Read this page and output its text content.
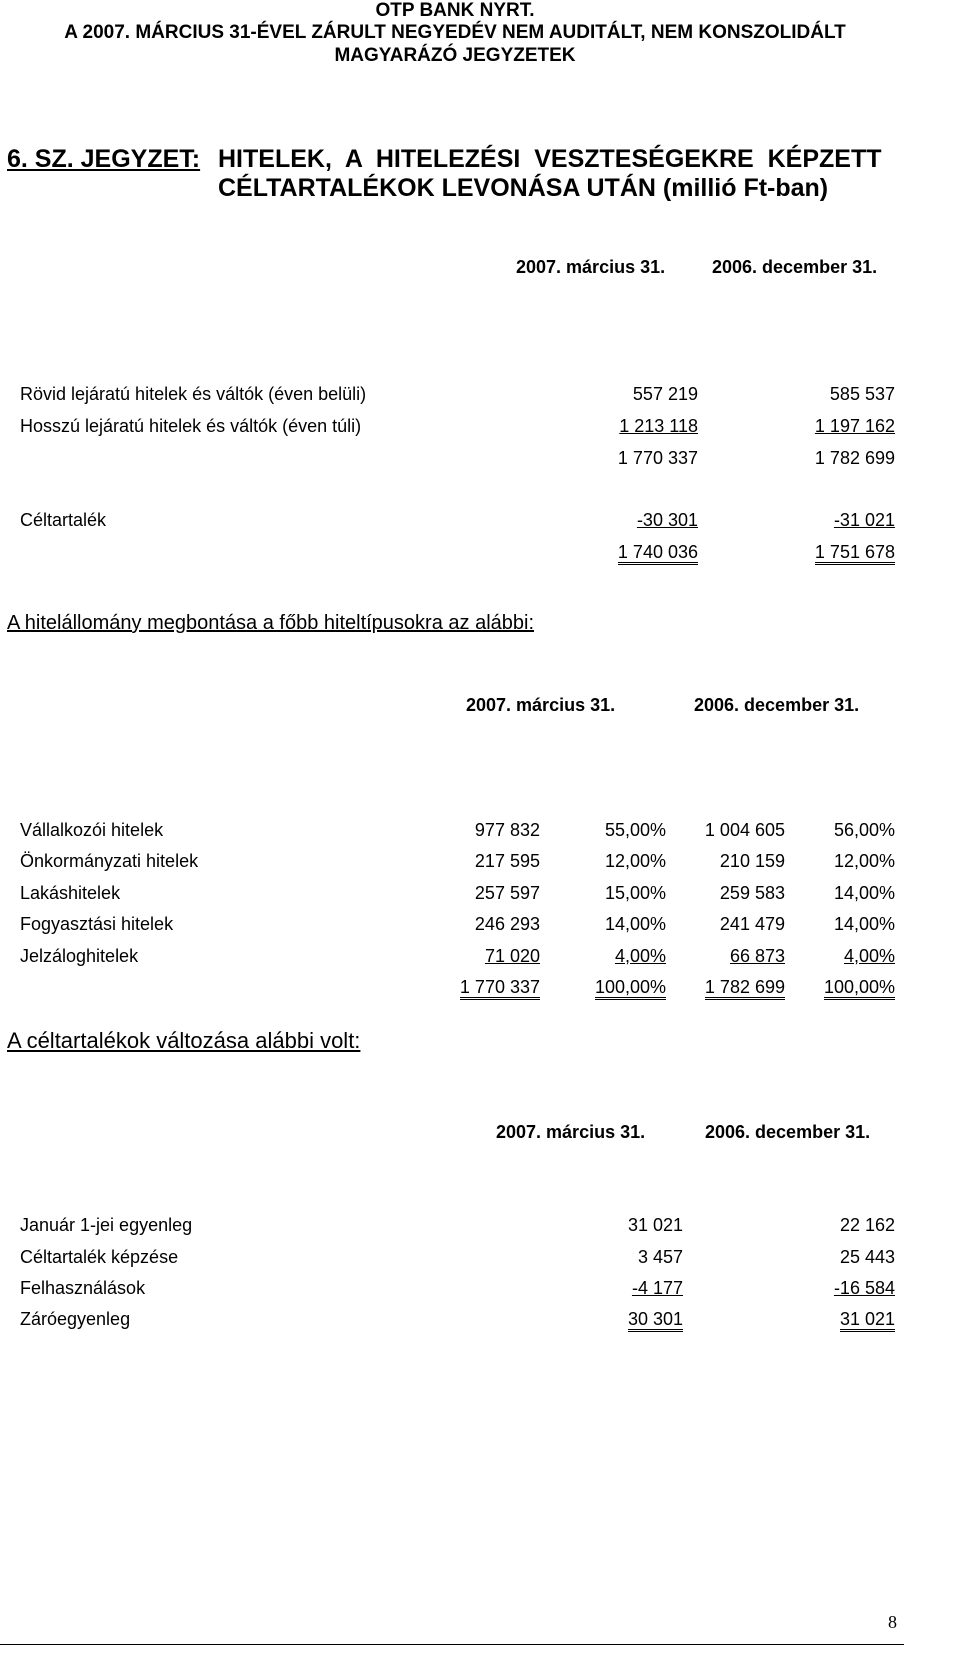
OTP BANK NYRT.
A 2007. MÁRCIUS 31-ÉVEL ZÁRULT NEGYEDÉV NEM AUDITÁLT, NEM KONSZOLIDÁLT
MAGYARÁZÓ JEGYZETEK
6. SZ. JEGYZET: HITELEK,  A  HITELEZÉSI  VESZTESÉGEKRE  KÉPZETT
CÉLTARTALÉKOK LEVONÁSA UTÁN (millió Ft-ban)
2007. március 31.	2006. december 31.
Rövid lejáratú hitelek és váltók (éven belüli)	557 219	585 537
Hosszú lejáratú hitelek és váltók (éven túli)	1 213 118	1 197 162
1 770 337	1 782 699
Céltartalék	-30 301	-31 021
1 740 036	1 751 678
A hitelállomány megbontása a főbb hiteltípusokra az alábbi:
2007. március 31.	2006. december 31.
Vállalkozói hitelek	977 832	55,00% 1 004 605	56,00%
Önkormányzati hitelek	217 595	12,00%	210 159	12,00%
Lakáshitelek	257 597	15,00%	259 583	14,00%
Fogyasztási hitelek	246 293	14,00%	241 479	14,00%
Jelzáloghitelek	71 020	4,00%	66 873	4,00%
1 770 337	100,00% 1 782 699 100,00%
A céltartalékok változása alábbi volt:
2007. március 31.	2006. december 31.
Január 1-jei egyenleg	31 021	22 162
Céltartalék képzése	3 457	25 443
Felhasználások	-4 177	-16 584
Záróegyenleg	30 301	31 021
8
